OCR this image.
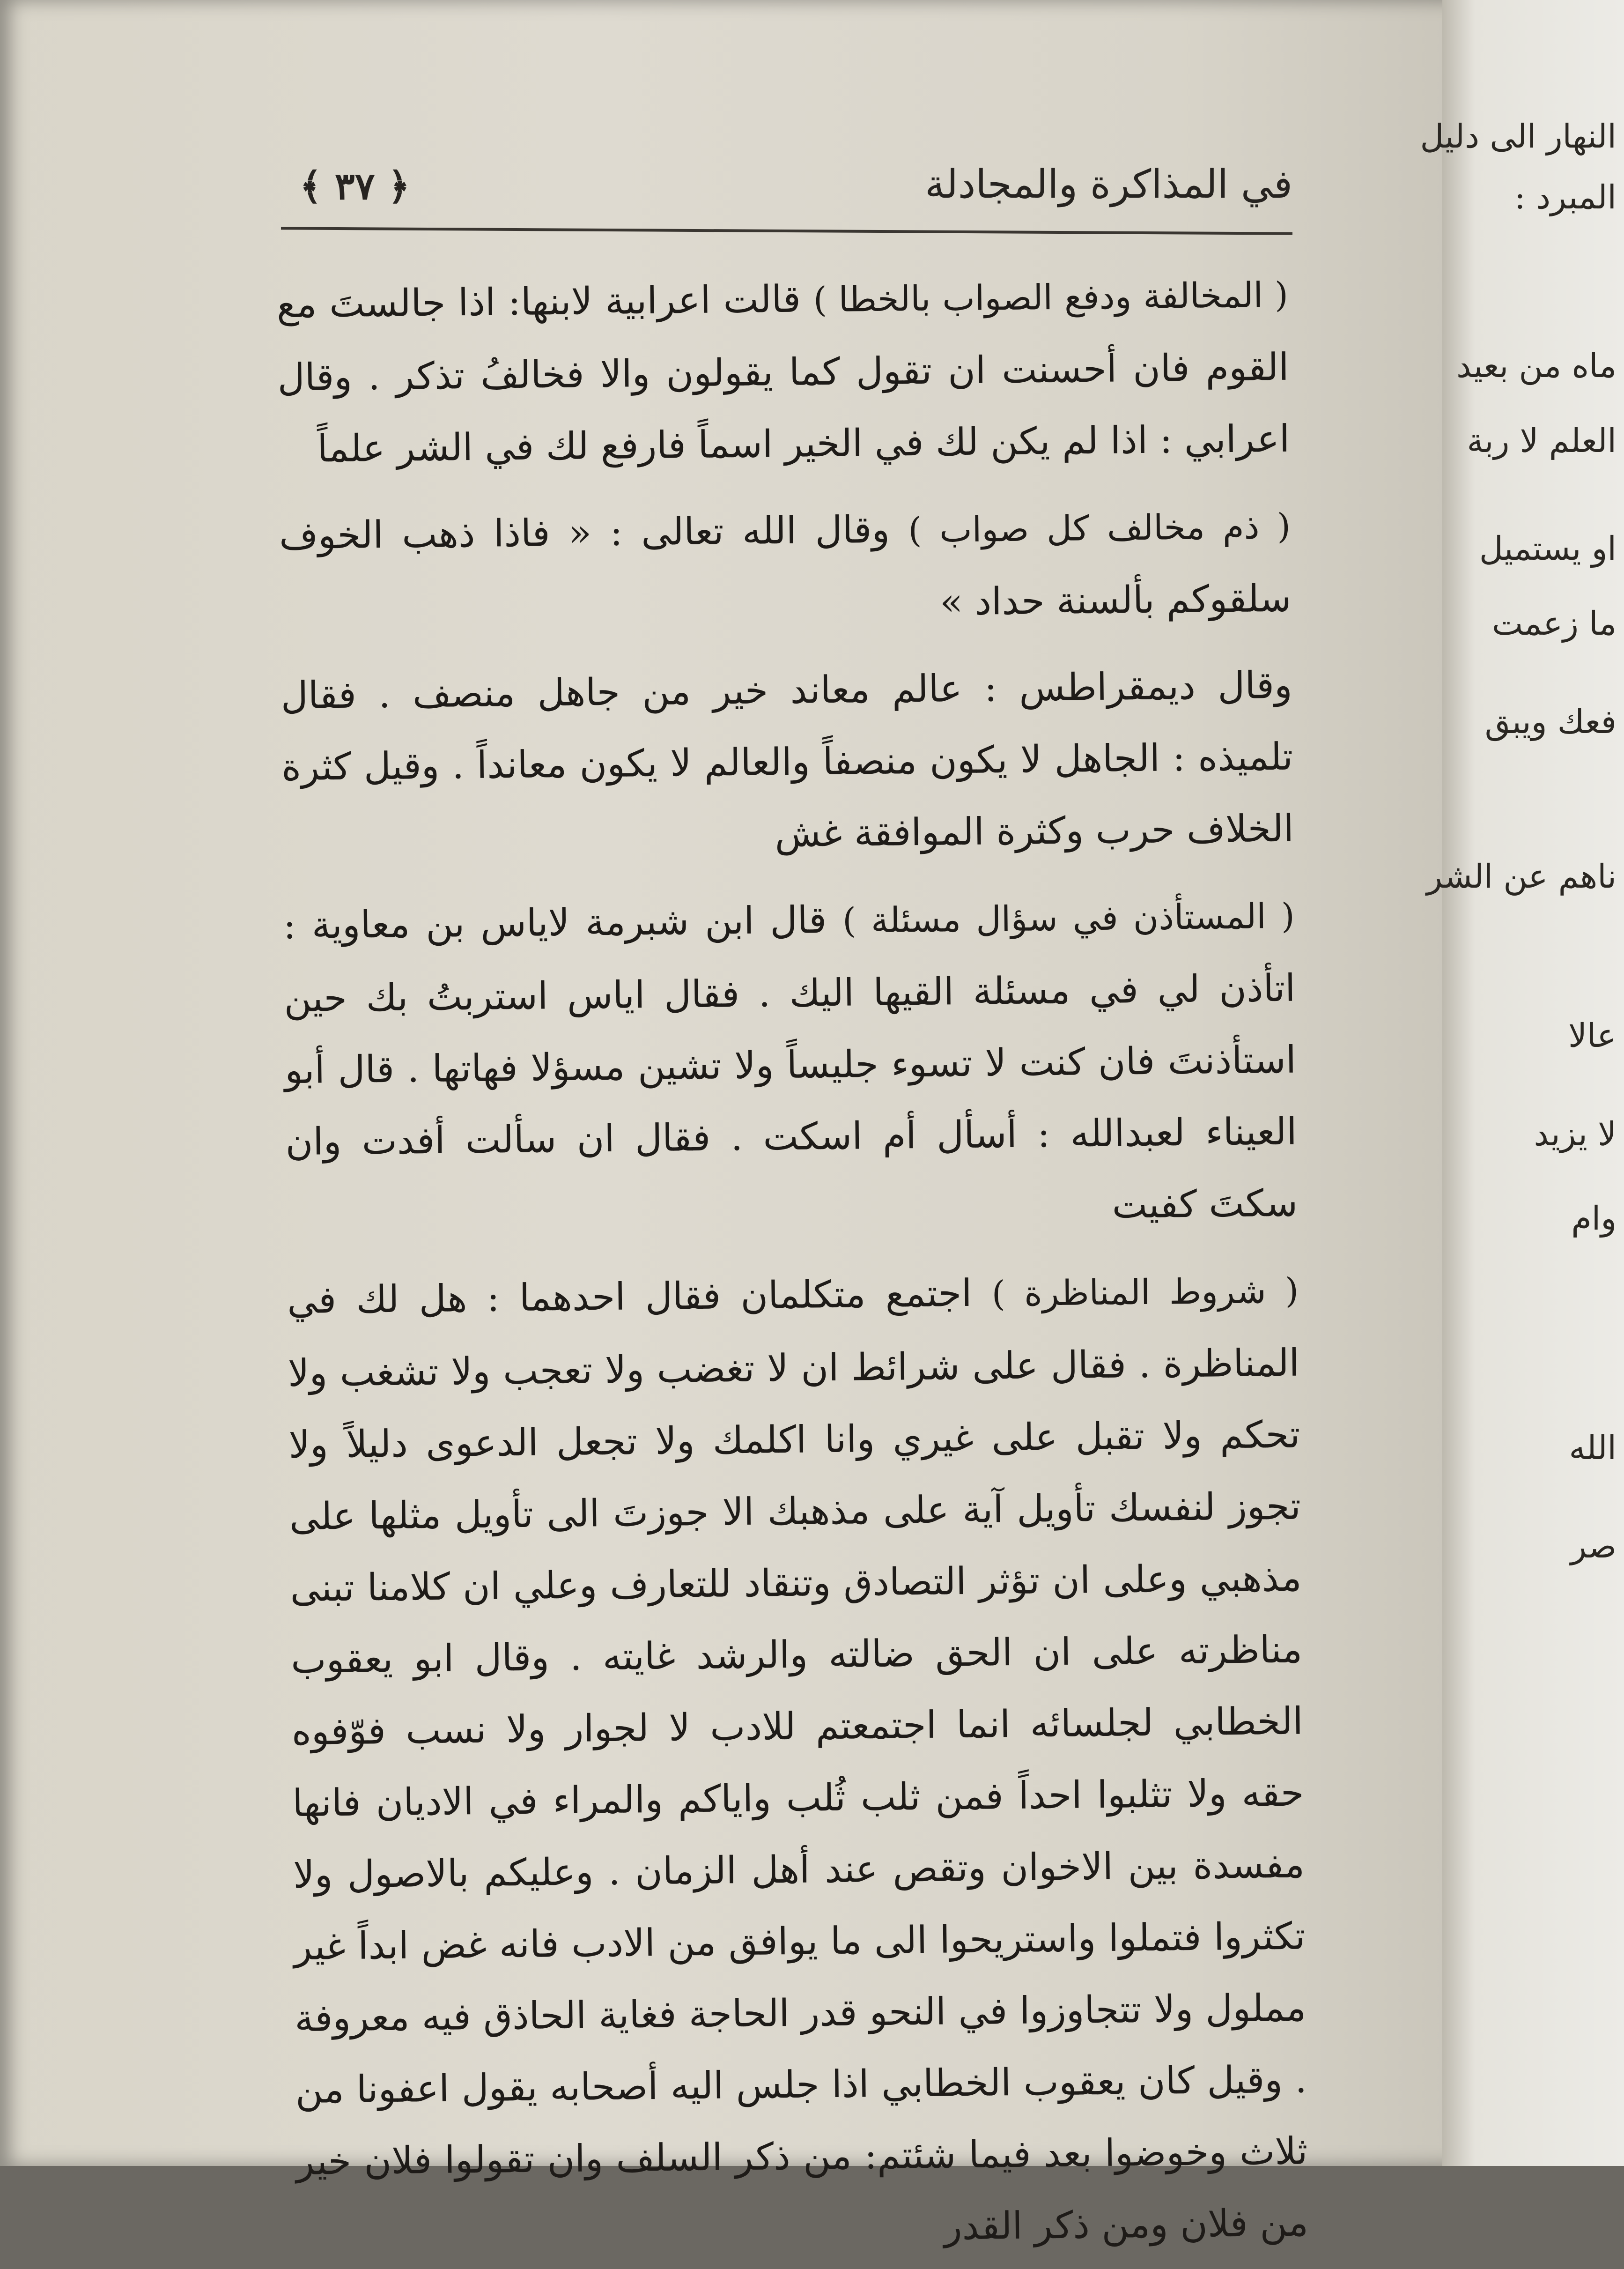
في المذاكرة والمجادلة
﴿ ٣٧ ﴾

( المخالفة ودفع الصواب بالخطا ) قالت اعرابية لابنها: اذا جالستَ مع القوم فان أحسنت ان تقول كما يقولون والا فخالفُ تذكر . وقال اعرابي : اذا لم يكن لك في الخير اسماً فارفع لك في الشر علماً

( ذم مخالف كل صواب ) وقال الله تعالى : « فاذا ذهب الخوف سلقوكم بألسنة حداد »

وقال ديمقراطس : عالم معاند خير من جاهل منصف . فقال تلميذه : الجاهل لا يكون منصفاً والعالم لا يكون معانداً . وقيل كثرة الخلاف حرب وكثرة الموافقة غش

( المستأذن في سؤال مسئلة ) قال ابن شبرمة لاياس بن معاوية : اتأذن لي في مسئلة القيها اليك . فقال اياس استربتُ بك حين استأذنتَ فان كنت لا تسوء جليساً ولا تشين مسؤلا فهاتها . قال أبو العيناء لعبدالله : أسأل أم اسكت . فقال ان سألت أفدت وان سكتَ كفيت

( شروط المناظرة ) اجتمع متكلمان فقال احدهما : هل لك في المناظرة . فقال على شرائط ان لا تغضب ولا تعجب ولا تشغب ولا تحكم ولا تقبل على غيري وانا اكلمك ولا تجعل الدعوى دليلاً ولا تجوز لنفسك تأويل آية على مذهبك الا جوزتَ الى تأويل مثلها على مذهبي وعلى ان تؤثر التصادق وتنقاد للتعارف وعلي ان كلامنا تبنى مناظرته على ان الحق ضالته والرشد غايته . وقال ابو يعقوب الخطابي لجلسائه انما اجتمعتم للادب لا لجوار ولا نسب فوّفوه حقه ولا تثلبوا احداً فمن ثلب ثُلب واياكم والمراء في الاديان فانها مفسدة بين الاخوان وتقص عند أهل الزمان . وعليكم بالاصول ولا تكثروا فتملوا واستريحوا الى ما يوافق من الادب فانه غض ابداً غير مملول ولا تتجاوزوا في النحو قدر الحاجة فغاية الحاذق فيه معروفة . وقيل كان يعقوب الخطابي اذا جلس اليه أصحابه يقول اعفونا من ثلاث وخوضوا بعد فيما شئتم: من ذكر السلف وان تقولوا فلان خير من فلان ومن ذكر القدر

النهار الى دليل
المبرد :
ماه من بعيد
العلم لا ربة
او يستميل
ما زعمت
فعك ويبق
ناهم عن الشر
عالا
لا يزيد
وام
الله
صر
